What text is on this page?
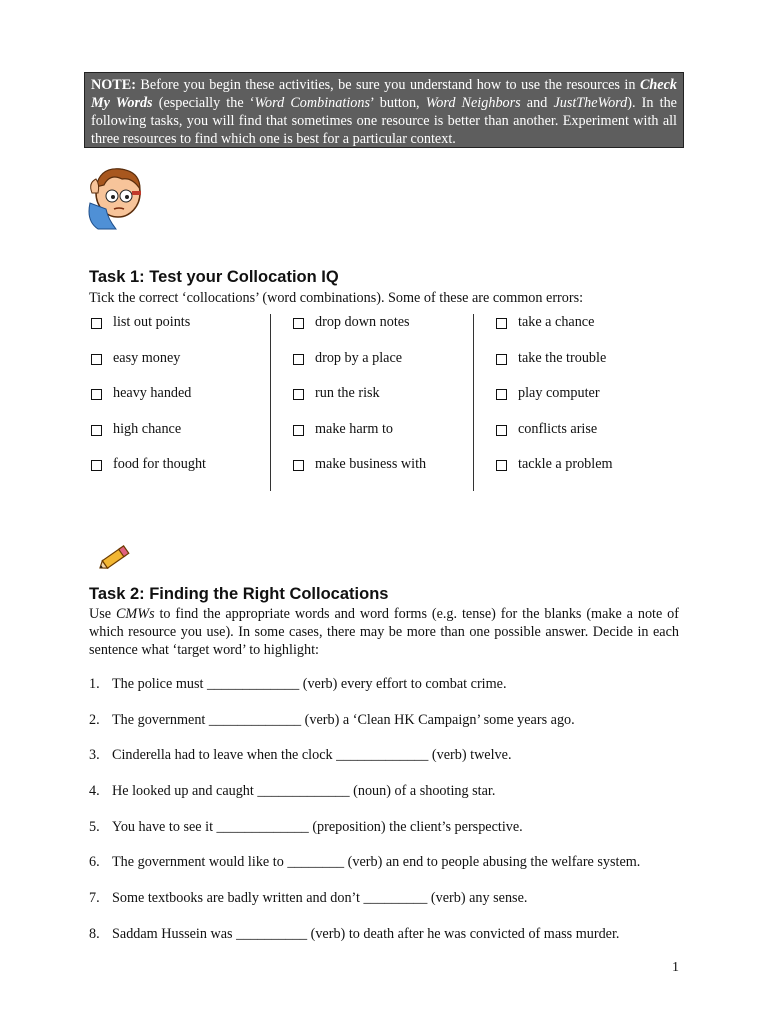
NOTE: Before you begin these activities, be sure you understand how to use the resources in Check My Words (especially the ‘Word Combinations’ button, Word Neighbors and JustTheWord). In the following tasks, you will find that sometimes one resource is better than another. Experiment with all three resources to find which one is best for a particular context.
Task 1: Test your Collocation IQ
Tick the correct ‘collocations’ (word combinations). Some of these are common errors:
list out points
easy money
heavy handed
high chance
food for thought
drop down notes
drop by a place
run the risk
make harm to
make business with
take a chance
take the trouble
play computer
conflicts arise
tackle a problem
Task 2: Finding the Right Collocations
Use CMWs to find the appropriate words and word forms (e.g. tense) for the blanks (make a note of which resource you use). In some cases, there may be more than one possible answer. Decide in each sentence what ‘target word’ to highlight:
1. The police must _____________ (verb) every effort to combat crime.
2. The government _____________ (verb) a ‘Clean HK Campaign’ some years ago.
3. Cinderella had to leave when the clock _____________ (verb) twelve.
4. He looked up and caught _____________ (noun) of a shooting star.
5. You have to see it _____________ (preposition) the client’s perspective.
6. The government would like to ________ (verb) an end to people abusing the welfare system.
7. Some textbooks are badly written and don’t _________ (verb) any sense.
8. Saddam Hussein was __________ (verb) to death after he was convicted of mass murder.
1
